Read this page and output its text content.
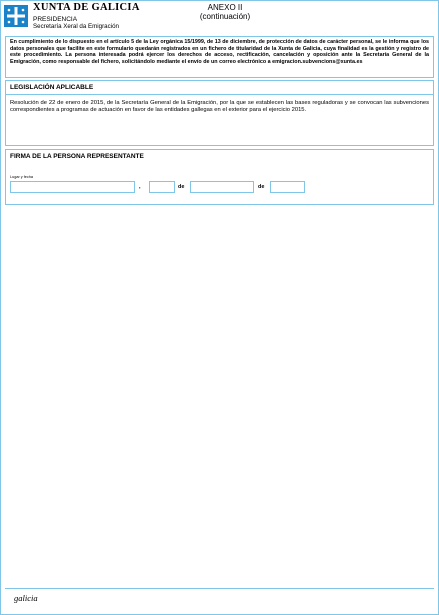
XUNTA DE GALICIA
PRESIDENCIA
Secretaría Xeral da Emigración
ANEXO II
(continuación)
En cumplimiento de lo dispuesto en el artículo 5 de la Ley orgánica 15/1999, de 13 de diciembre, de protección de datos de carácter personal, se le informa que los datos personales que facilite en este formulario quedarán registrados en un fichero de titularidad de la Xunta de Galicia, cuya finalidad es la gestión y registro de este procedimiento. La persona interesada podrá ejercer los derechos de acceso, rectificación, cancelación y oposición ante la Secretaría General de la Emigración, como responsable del fichero, solicitándolo mediante el envío de un correo electrónico a emigracion.subvencions@xunta.es
LEGISLACIÓN APLICABLE
Resolución de 22 de enero de 2015, de la Secretaría General de la Emigración, por la que se establecen las bases reguladoras y se convocan las subvenciones correspondientes a programas de actuación en favor de las entidades gallegas en el exterior para el ejercicio 2015.
FIRMA DE LA PERSONA REPRESENTANTE
Lugar y fecha
,	de	de
galicia
